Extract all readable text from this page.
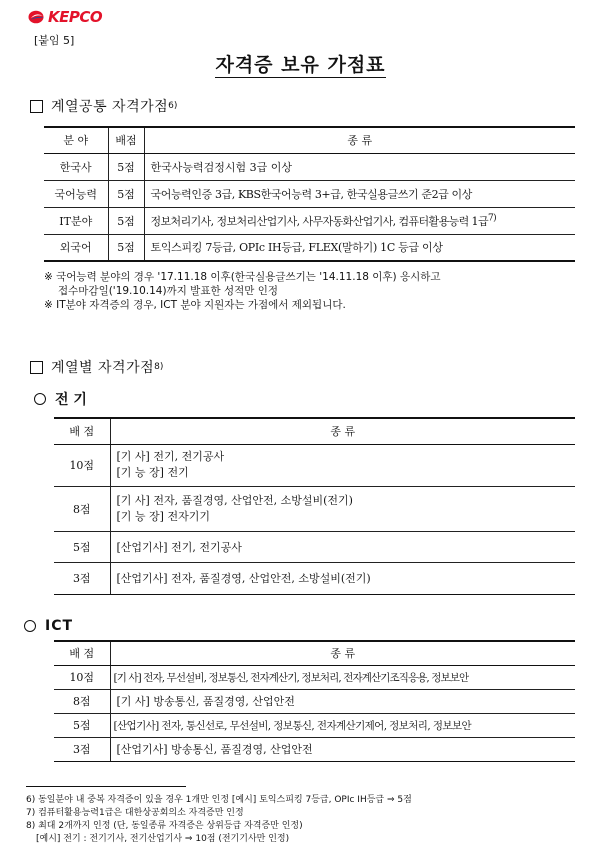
KEPCO
[붙임 5]
자격증 보유 가점표
계열공통 자격가점 6)
분 야	배점	종 류
한국사	5점	한국사능력검정시험 3급 이상
국어능력	5점	국어능력인증 3급, KBS한국어능력 3+급, 한국실용글쓰기 준2급 이상
IT분야	5점	정보처리기사, 정보처리산업기사, 사무자동화산업기사, 컴퓨터활용능력 1급$^{7)}$
외국어	5점	토익스피킹 7등급, OPIc IH등급, FLEX(말하기) 1C 등급 이상
※ 국어능력 분야의 경우 '17.11.18 이후(한국실용글쓰기는 '14.11.18 이후) 응시하고
접수마감일('19.10.14)까지 발표한 성적만 인정
※ IT분야 자격증의 경우, ICT 분야 지원자는 가점에서 제외됩니다.
계열별 자격가점 8)
전 기
배 점	종 류
10점	[기 사] 전기, 전기공사
[기 능 장] 전기

8점	[기 사] 전자, 품질경영, 산업안전, 소방설비(전기)
[기 능 장] 전자기기

5점	[산업기사] 전기, 전기공사
3점	[산업기사] 전자, 품질경영, 산업안전, 소방설비(전기)
ICT
배 점	종 류
10점	[기 사] 전자, 무선설비, 정보통신, 전자계산기, 정보처리, 전자계산기조직응용, 정보보안
8점	[기 사] 방송통신, 품질경영, 산업안전
5점	[산업기사] 전자, 통신선로, 무선설비, 정보통신, 전자계산기제어, 정보처리, 정보보안
3점	[산업기사] 방송통신, 품질경영, 산업안전
6) 동일분야 내 중복 자격증이 있을 경우 1개만 인정 [예시] 토익스피킹 7등급, OPIc IH등급 ⇒ 5점
7) 컴퓨터활용능력1급은 대한상공회의소 자격증만 인정
8) 최대 2개까지 인정 (단, 동일종류 자격증은 상위등급 자격증만 인정)
[예시] 전기 : 전기기사, 전기산업기사 ⇒ 10점 (전기기사만 인정)
